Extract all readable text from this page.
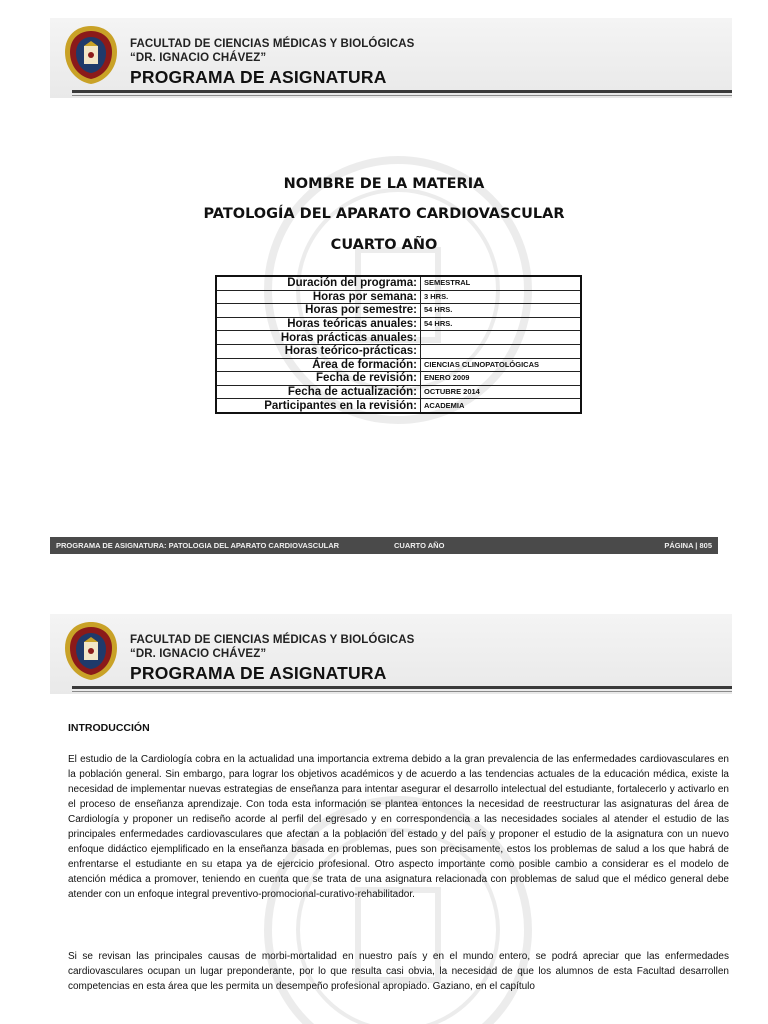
FACULTAD DE CIENCIAS MÉDICAS Y BIOLÓGICAS
“DR. IGNACIO CHÁVEZ”
PROGRAMA DE ASIGNATURA
NOMBRE DE LA MATERIA
PATOLOGÍA DEL APARATO CARDIOVASCULAR
CUARTO AÑO
Duración del programa:	SEMESTRAL
Horas por semana:	3 HRS.
Horas por semestre:	54 HRS.
Horas teóricas anuales:	54 HRS.
Horas prácticas anuales:	
Horas teórico-prácticas:	
Área de formación:	CIENCIAS CLINOPATOLÓGICAS
Fecha de revisión:	ENERO 2009
Fecha de actualización:	OCTUBRE 2014
Participantes en la revisión:	ACADEMIA
PROGRAMA DE ASIGNATURA: PATOLOGIA DEL APARATO CARDIOVASCULAR	CUARTO AÑO	PÁGINA | 805
FACULTAD DE CIENCIAS MÉDICAS Y BIOLÓGICAS
“DR. IGNACIO CHÁVEZ”
PROGRAMA DE ASIGNATURA
INTRODUCCIÓN
El estudio de la Cardiología cobra en la actualidad una importancia extrema debido a la gran prevalencia de las enfermedades cardiovasculares en la población general. Sin embargo, para lograr los objetivos académicos y de acuerdo a las tendencias actuales de la educación médica, existe la necesidad de implementar nuevas estrategias de enseñanza para intentar asegurar el desarrollo intelectual del estudiante, fortalecerlo y activarlo en el proceso de enseñanza aprendizaje. Con toda esta información se plantea entonces la necesidad de reestructurar las asignaturas del área de Cardiología y proponer un rediseño acorde al perfil del egresado y en correspondencia a las necesidades sociales al atender el estudio de las principales enfermedades cardiovasculares que afectan a la población del estado y del país y proponer el estudio de la asignatura con un nuevo enfoque didáctico ejemplificado en la enseñanza basada en problemas, pues son precisamente, estos los problemas de salud a los que habrá de enfrentarse el estudiante en su etapa ya de ejercicio profesional. Otro aspecto importante como posible cambio a considerar es el modelo de atención médica a promover, teniendo en cuenta que se trata de una asignatura relacionada con problemas de salud que el médico general debe atender con un enfoque integral preventivo-promocional-curativo-rehabilitador.
Si se revisan las principales causas de morbi-mortalidad en nuestro país y en el mundo entero, se podrá apreciar que las enfermedades cardiovasculares ocupan un lugar preponderante, por lo que resulta casi obvia, la necesidad de que los alumnos de esta Facultad desarrollen competencias en esta área que les permita un desempeño profesional apropiado. Gaziano, en el capítulo
